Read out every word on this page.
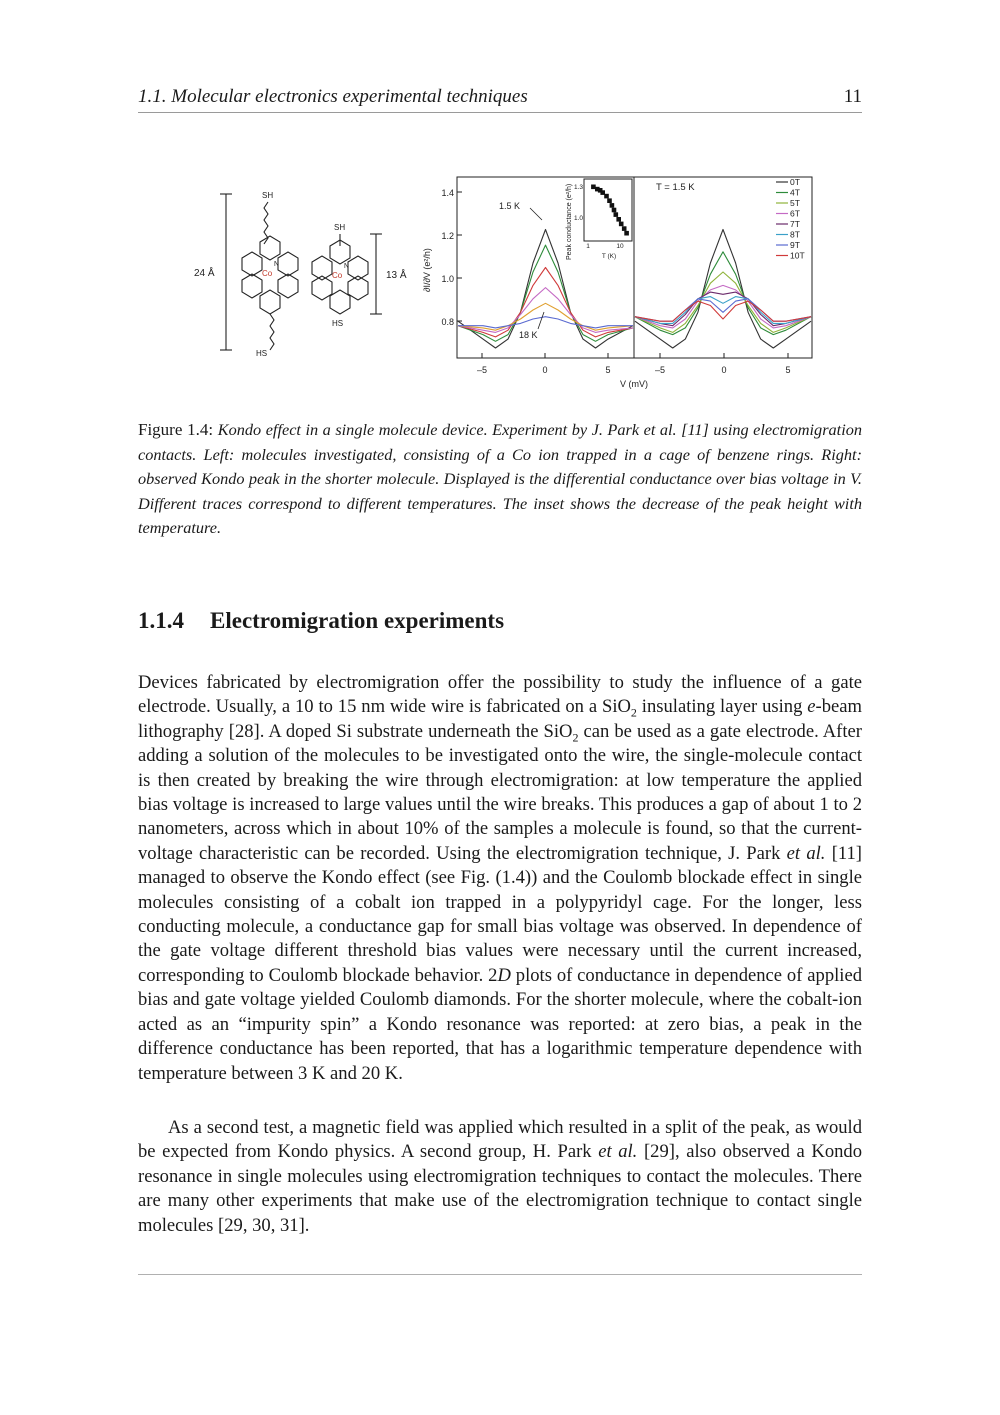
1.1. Molecular electronics experimental techniques	11
24 Å	13 Å
SH
SH
HS
HS
Co	Co
N	N	∂I/∂V (e²/h)
1.4
1.2
1.0
0.8
–5	0	5
1.5 K
18 K
Peak conductance (e²/h) 1.3
1.0
1	10
T (K)
T = 1.5 K
–5	0	5
0T
4T
5T
6T
7T
8T
9T
10T
V (mV)
Figure 1.4: Kondo effect in a single molecule device. Experiment by J. Park et al. [11] using electromigration contacts. Left: molecules investigated, consisting of a Co ion trapped in a cage of benzene rings. Right: observed Kondo peak in the shorter molecule. Displayed is the differential conductance over bias voltage in V. Different traces correspond to different temperatures. The inset shows the decrease of the peak height with temperature.
1.1.4 Electromigration experiments

Devices fabricated by electromigration offer the possibility to study the influence of a gate electrode. Usually, a 10 to 15 nm wide wire is fabricated on a SiO$_2$ insulating layer using e-beam lithography [28]. A doped Si substrate underneath the SiO$_2$ can be used as a gate electrode. After adding a solution of the molecules to be investigated onto the wire, the single-molecule contact is then created by breaking the wire through electromigration: at low temperature the applied bias voltage is increased to large values until the wire breaks. This produces a gap of about 1 to 2 nanometers, across which in about 10% of the samples a molecule is found, so that the current-voltage characteristic can be recorded. Using the electromigration technique, J. Park et al. [11] managed to observe the Kondo effect (see Fig. (1.4)) and the Coulomb blockade effect in single molecules consisting of a cobalt ion trapped in a polypyridyl cage. For the longer, less conducting molecule, a conductance gap for small bias voltage was observed. In dependence of the gate voltage different threshold bias values were necessary until the current increased, corresponding to Coulomb blockade behavior. 2D plots of conductance in dependence of applied bias and gate voltage yielded Coulomb diamonds. For the shorter molecule, where the cobalt-ion acted as an “impurity spin” a Kondo resonance was reported: at zero bias, a peak in the difference conductance has been reported, that has a logarithmic temperature dependence with temperature between 3 K and 20 K.

As a second test, a magnetic field was applied which resulted in a split of the peak, as would be expected from Kondo physics. A second group, H. Park et al. [29], also observed a Kondo resonance in single molecules using electromigration techniques to contact the molecules. There are many other experiments that make use of the electromigration technique to contact single molecules [29, 30, 31].
